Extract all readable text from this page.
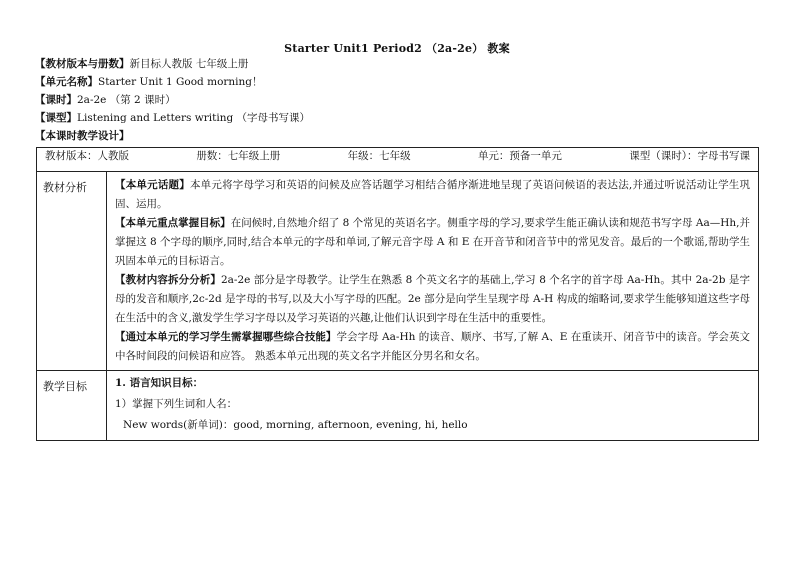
Starter Unit1 Period2 （2a-2e） 教案
【教材版本与册数】新目标人教版 七年级上册
【单元名称】Starter Unit 1 Good morning！
【课时】2a-2e （第 2 课时）
【课型】Listening and Letters writing （字母书写课）
【本课时教学设计】
教材版本：人教版 册数：七年级上册 年级：七年级 单元：预备一单元 课型（课时）：字母书写课	

教材分析	【本单元话题】本单元将字母学习和英语的问候及应答话题学习相结合循序渐进地呈现了英语问候语的表达法,并通过听说活动让学生巩固、运用。

【本单元重点掌握目标】在问候时,自然地介绍了 8 个常见的英语名字。侧重字母的学习,要求学生能正确认读和规范书写字母 Aa—Hh,并掌握这 8 个字母的顺序,同时,结合本单元的字母和单词,了解元音字母 A 和 E 在开音节和闭音节中的常见发音。最后的一个歌谣,帮助学生巩固本单元的目标语言。

【教材内容拆分分析】2a-2e 部分是字母教学。让学生在熟悉 8 个英文名字的基础上,学习 8 个名字的首字母 Aa-Hh。其中 2a-2b 是字母的发音和顺序,2c-2d 是字母的书写,以及大小写字母的匹配。2e 部分是向学生呈现字母 A-H 构成的缩略词,要求学生能够知道这些字母在生活中的含义,激发学生学习字母以及学习英语的兴趣,让他们认识到字母在生活中的重要性。

【通过本单元的学习学生需掌握哪些综合技能】学会字母 Aa-Hh 的读音、顺序、书写,了解 A、E 在重读开、闭音节中的读音。学会英文中各时间段的问候语和应答。 熟悉本单元出现的英文名字并能区分男名和女名。

教学目标	1. 语言知识目标：

1）掌握下列生词和人名：

New words(新单词)：good, morning, afternoon, evening, hi, hello
